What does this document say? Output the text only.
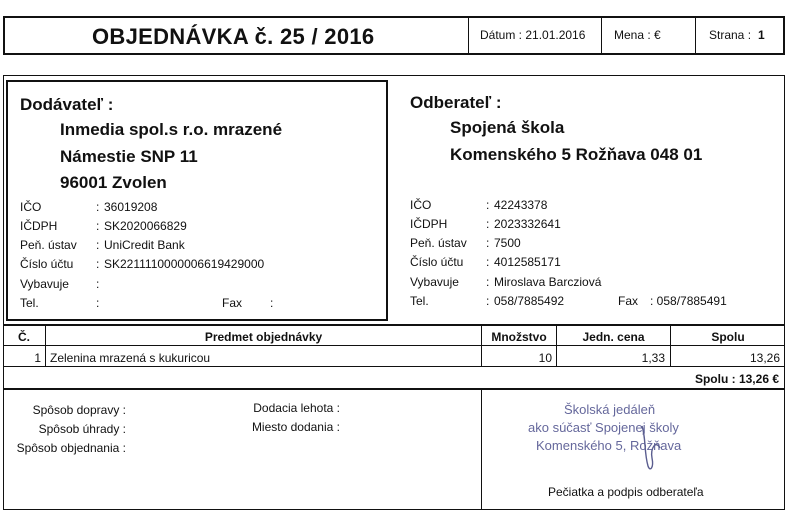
OBJEDNÁVKA č. 25 / 2016	Dátum : 21.01.2016 Mena : €	Strana : 1
Dodávateľ :
Inmedia spol.s r.o. mrazené
Námestie SNP 11
96001 Zvolen
IČO	: 36019208
IČDPH	: SK2020066829
Peň. ústav : UniCredit Bank
Číslo účtu : SK2211110000006619429000
Vybavuje :
Tel.	:	Fax :
Odberateľ :
Spojená škola
Komenského 5 Rožňava 048 01
IČO	: 42243378
IČDPH	: 2023332641
Peň. ústav : 7500
Číslo účtu : 4012585171
Vybavuje : Miroslava Barcziová
Tel.	: 058/7885492	Fax : 058/7885491
Č.	Predmet objednávky	Množstvo	Jedn. cena	Spolu
1 Zelenina mrazená s kukuricou	10	1,33	13,26
Spolu : 13,26 €
Spôsob dopravy :
Spôsob úhrady :
Spôsob objednania :
Dodacia lehota :
Miesto dodania :
Školská jedáleň
ako súčasť Spojenej školy
Komenského 5, Rožňava
Pečiatka a podpis odberateľa
